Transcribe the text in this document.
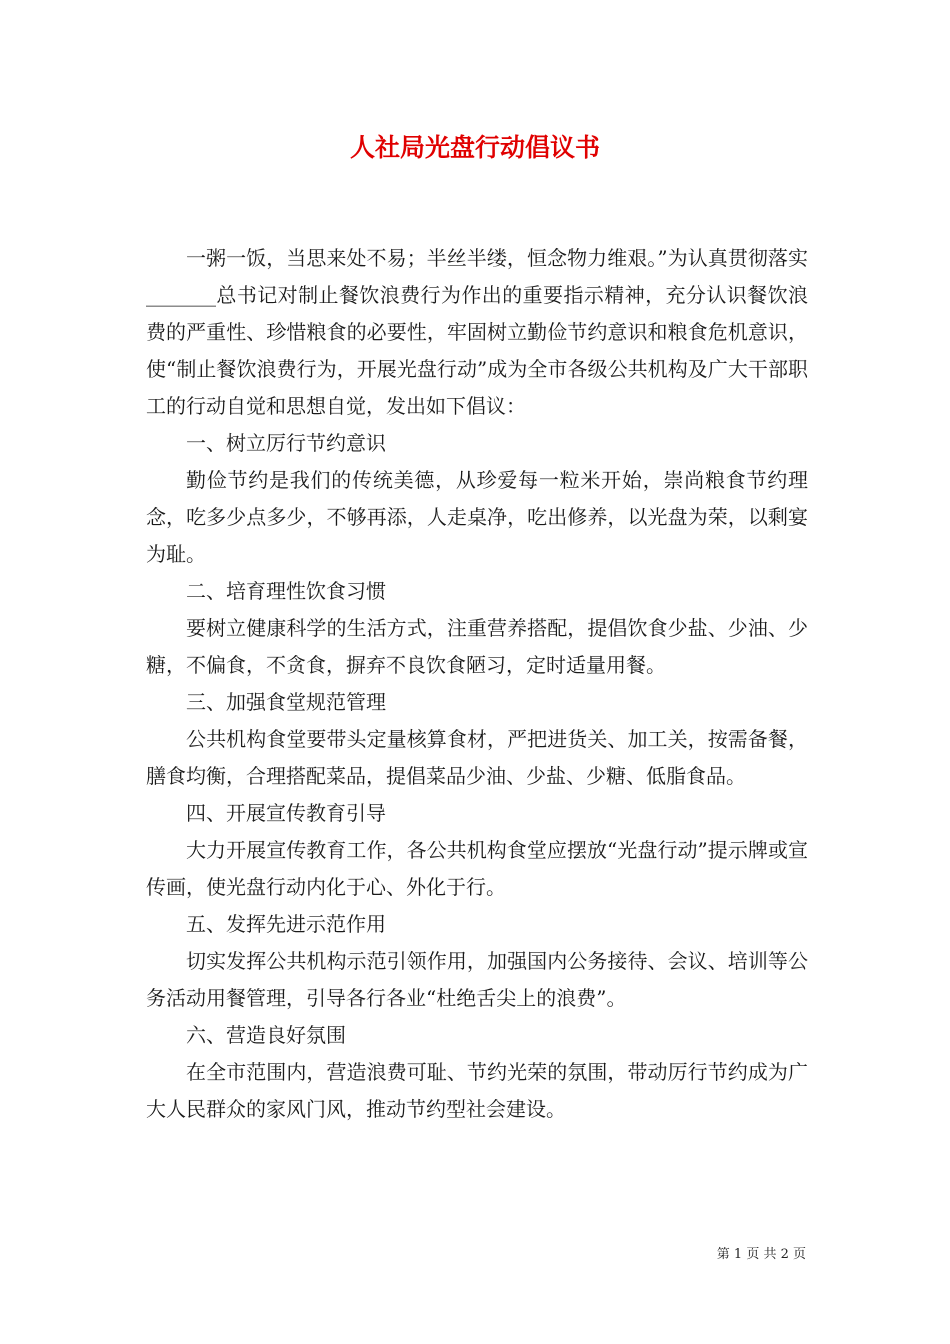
人社局光盘行动倡议书

一粥一饭，当思来处不易；半丝半缕，恒念物力维艰。”为认真贯彻落实_______总书记对制止餐饮浪费行为作出的重要指示精神，充分认识餐饮浪费的严重性、珍惜粮食的必要性，牢固树立勤俭节约意识和粮食危机意识，使“制止餐饮浪费行为，开展光盘行动”成为全市各级公共机构及广大干部职工的行动自觉和思想自觉，发出如下倡议：

一、树立厉行节约意识

勤俭节约是我们的传统美德，从珍爱每一粒米开始，崇尚粮食节约理念，吃多少点多少，不够再添，人走桌净，吃出修养，以光盘为荣，以剩宴为耻。

二、培育理性饮食习惯

要树立健康科学的生活方式，注重营养搭配，提倡饮食少盐、少油、少糖，不偏食，不贪食，摒弃不良饮食陋习，定时适量用餐。

三、加强食堂规范管理

公共机构食堂要带头定量核算食材，严把进货关、加工关，按需备餐，膳食均衡，合理搭配菜品，提倡菜品少油、少盐、少糖、低脂食品。

四、开展宣传教育引导

大力开展宣传教育工作，各公共机构食堂应摆放“光盘行动”提示牌或宣传画，使光盘行动内化于心、外化于行。

五、发挥先进示范作用

切实发挥公共机构示范引领作用，加强国内公务接待、会议、培训等公务活动用餐管理，引导各行各业“杜绝舌尖上的浪费”。

六、营造良好氛围

在全市范围内，营造浪费可耻、节约光荣的氛围，带动厉行节约成为广大人民群众的家风门风，推动节约型社会建设。

第 1 页 共 2 页
